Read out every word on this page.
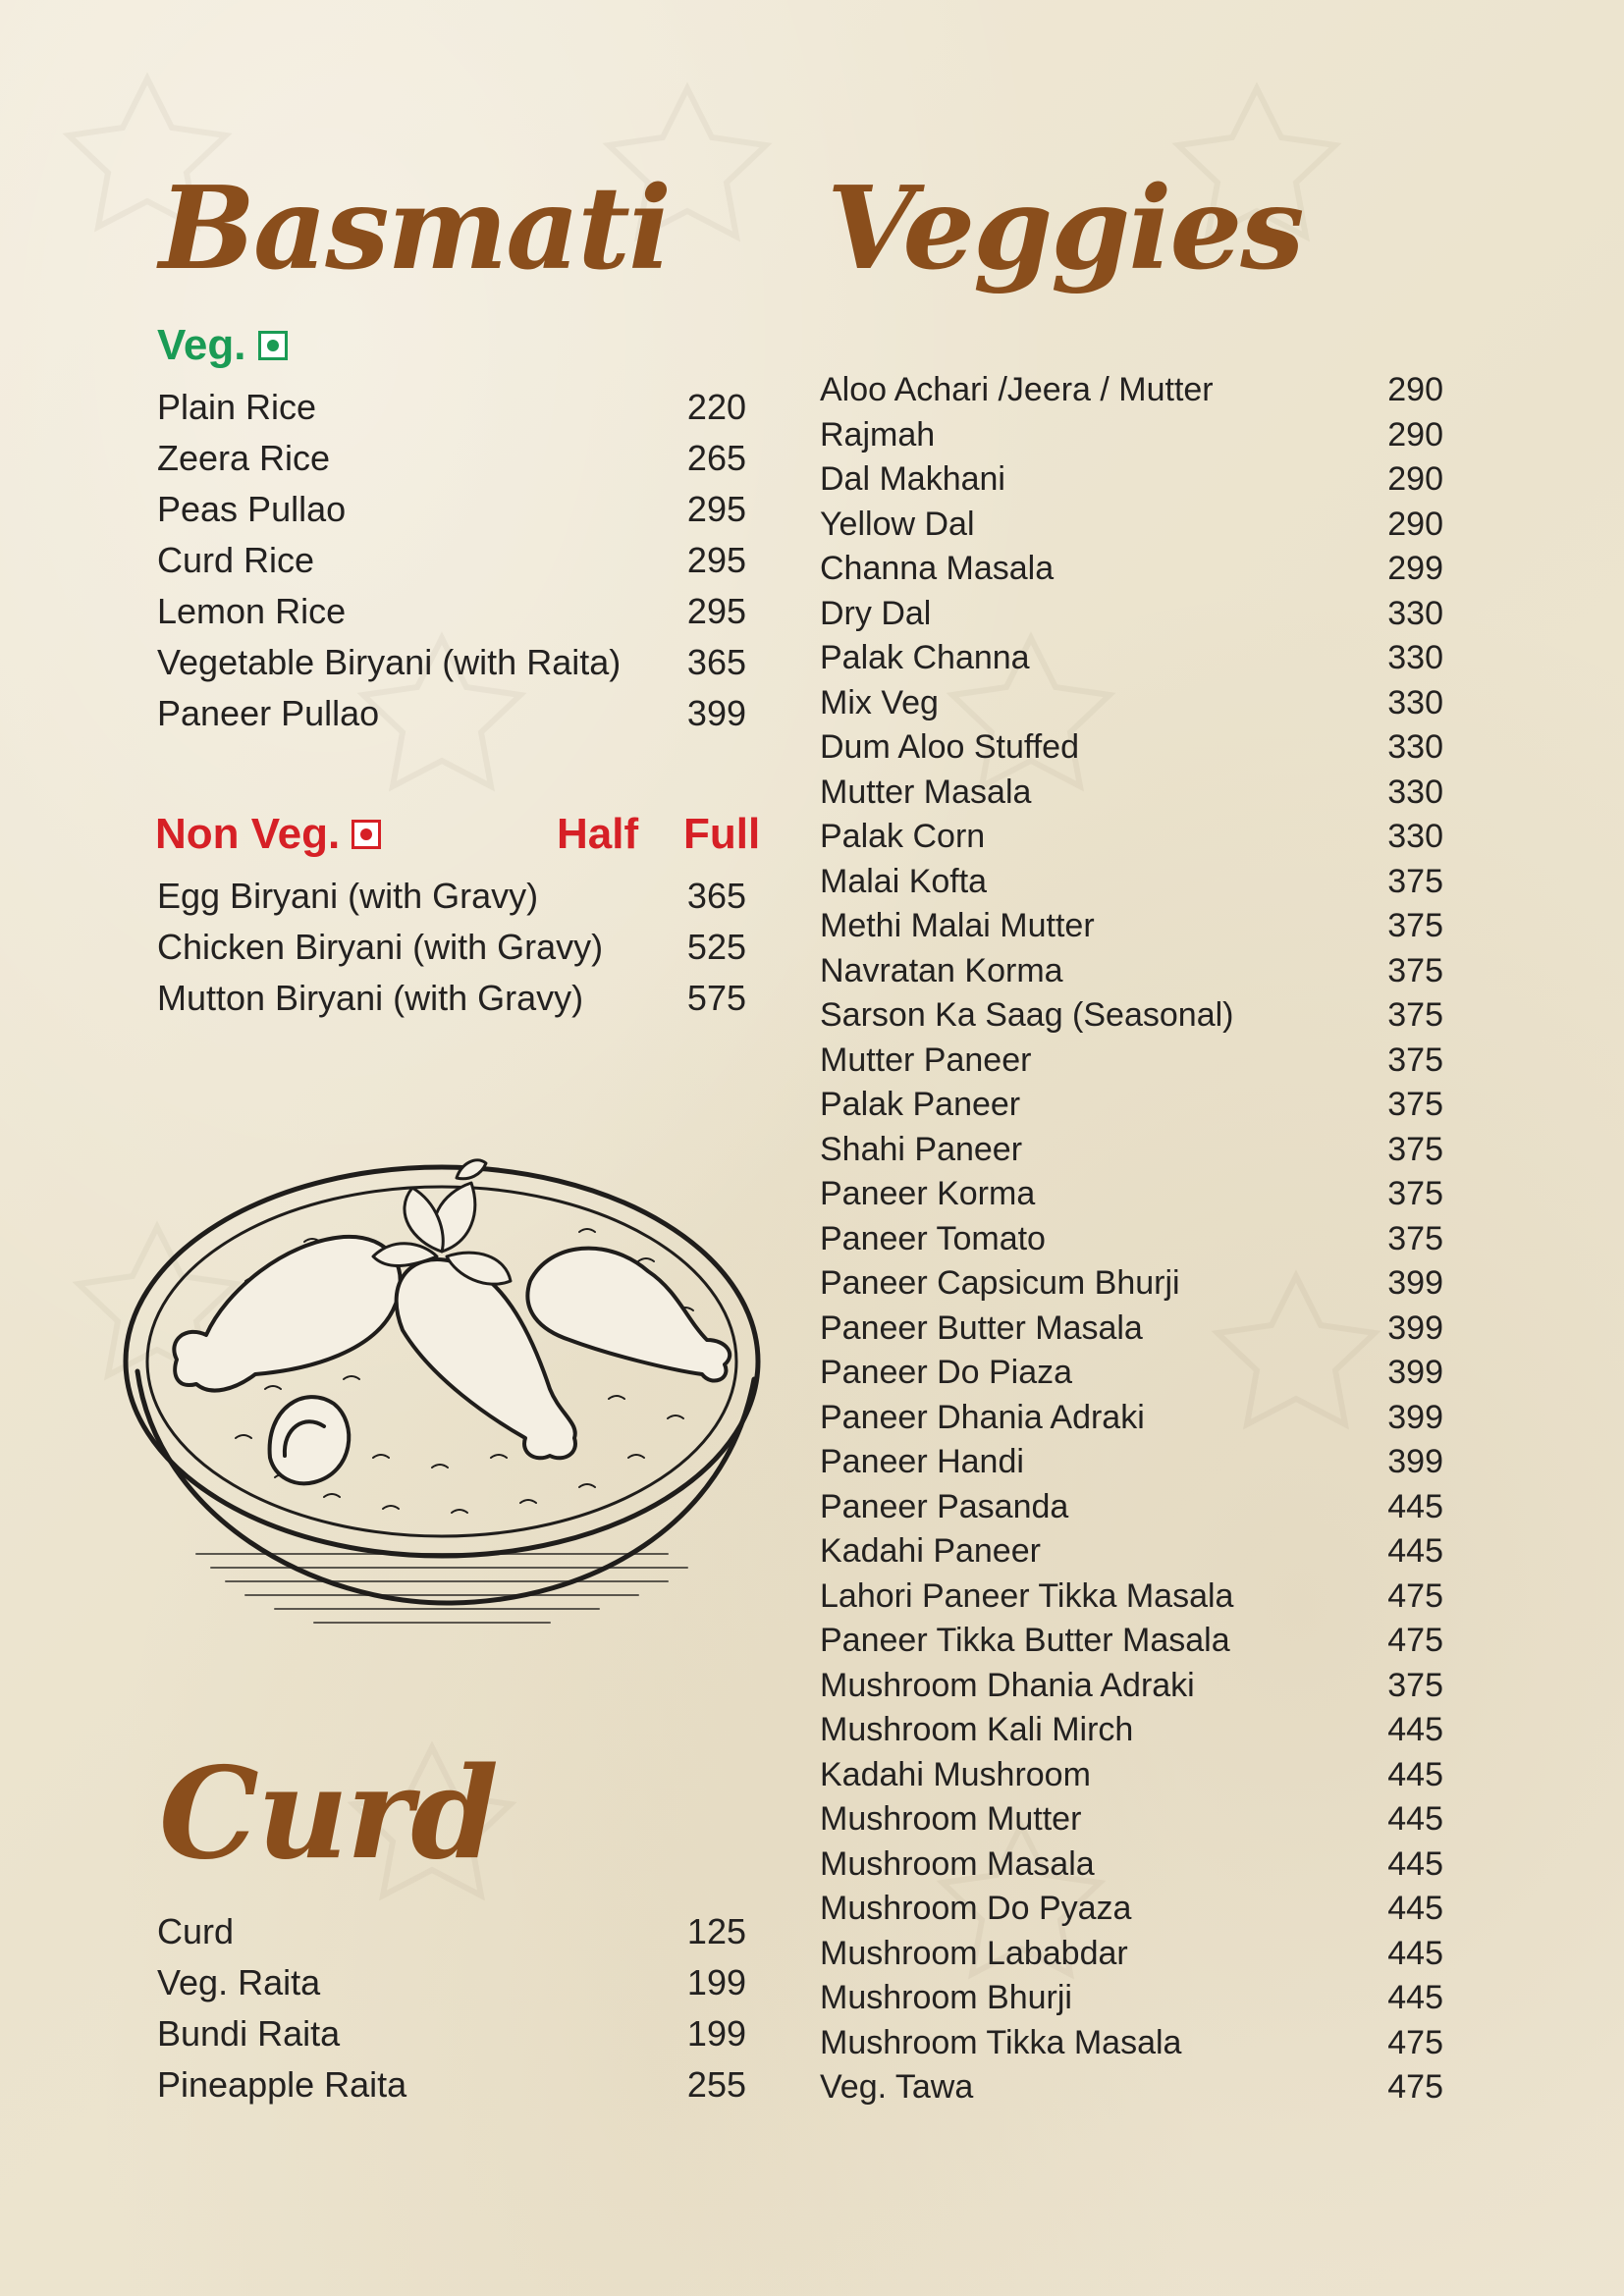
Basmati Veggies
Curd
Veg.
Plain Rice	220
Zeera Rice	265
Peas Pullao	295
Curd Rice	295
Lemon Rice	295
Vegetable Biryani (with Raita)	365
Paneer Pullao	399
Non Veg.	Half Full
Egg Biryani (with Gravy)	365
Chicken Biryani (with Gravy)	525
Mutton Biryani (with Gravy)	575
Curd	125
Veg. Raita	199
Bundi Raita	199
Pineapple Raita	255
Aloo Achari /Jeera / Mutter	290
Rajmah	290
Dal Makhani	290
Yellow Dal	290
Channa Masala	299
Dry Dal	330
Palak Channa	330
Mix Veg	330
Dum Aloo Stuffed	330
Mutter Masala	330
Palak Corn	330
Malai Kofta	375
Methi Malai Mutter	375
Navratan Korma	375
Sarson Ka Saag (Seasonal)	375
Mutter Paneer	375
Palak Paneer	375
Shahi Paneer	375
Paneer Korma	375
Paneer Tomato	375
Paneer Capsicum Bhurji	399
Paneer Butter Masala	399
Paneer Do Piaza	399
Paneer Dhania Adraki	399
Paneer Handi	399
Paneer Pasanda	445
Kadahi Paneer	445
Lahori Paneer Tikka Masala	475
Paneer Tikka Butter Masala	475
Mushroom Dhania Adraki	375
Mushroom Kali Mirch	445
Kadahi Mushroom	445
Mushroom Mutter	445
Mushroom Masala	445
Mushroom Do Pyaza	445
Mushroom Lababdar	445
Mushroom Bhurji	445
Mushroom Tikka Masala	475
Veg. Tawa	475
